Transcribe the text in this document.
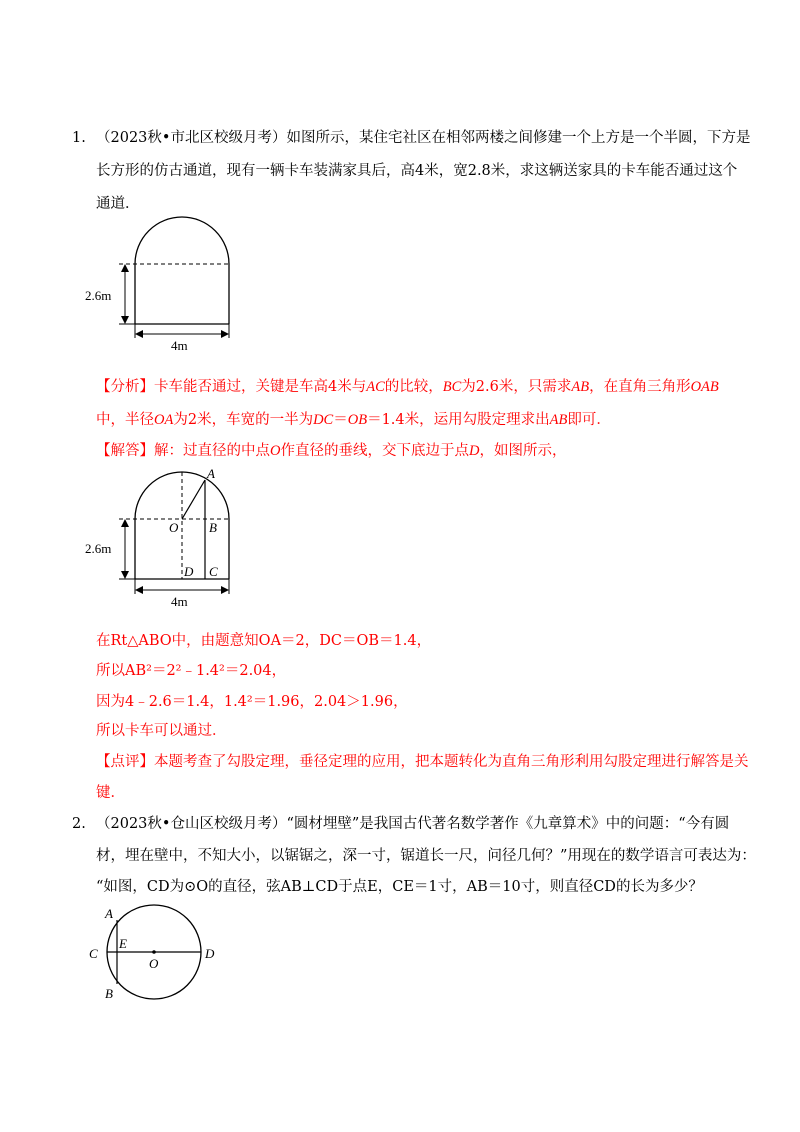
1. （2023秋•市北区校级月考）如图所示，某住宅社区在相邻两楼之间修建一个上方是一个半圆，下方是
长方形的仿古通道，现有一辆卡车装满家具后，高4米，宽2.8米，求这辆送家具的卡车能否通过这个
通道．
2.6m
4m
【分析】卡车能否通过，关键是车高4米与AC的比较，BC为2.6米，只需求AB，在直角三角形OAB
中，半径OA为2米，车宽的一半为DC＝OB＝1.4米，运用勾股定理求出AB即可．
【解答】解：过直径的中点O作直径的垂线，交下底边于点D，如图所示，
2.6m
4m
A
O B
D C
在Rt△ABO中，由题意知OA＝2，DC＝OB＝1.4，
所以AB²＝2²﹣1.4²＝2.04，
因为4﹣2.6＝1.4，1.4²＝1.96，2.04＞1.96，
所以卡车可以通过．
【点评】本题考查了勾股定理，垂径定理的应用，把本题转化为直角三角形利用勾股定理进行解答是关
键．
2. （2023秋•仓山区校级月考）“圆材埋壁”是我国古代著名数学著作《九章算术》中的问题：“今有圆
材，埋在壁中，不知大小，以锯锯之，深一寸，锯道长一尺，问径几何？”用现在的数学语言可表达为：
“如图，CD为⊙O的直径，弦AB⊥CD于点E，CE＝1寸，AB＝10寸，则直径CD的长为多少？
A
C
E
O
D
B
